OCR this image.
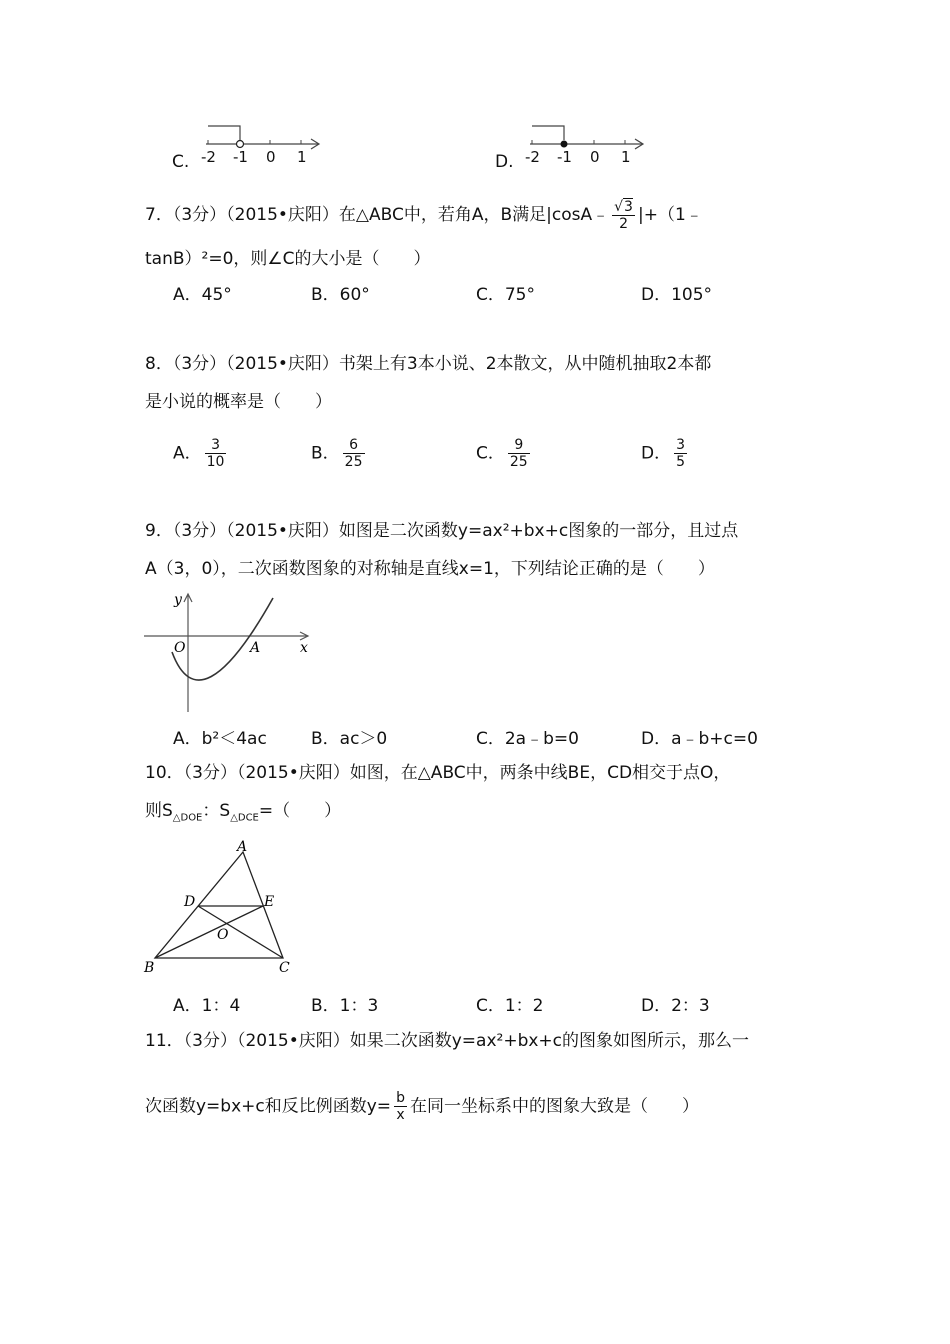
C. -2 -1 0 1	D. -2 -1 0 1
7．（3分）（2015•庆阳）在△ABC中，若角A，B满足|cosA﹣ $\frac{√3}{2}$ |+（1﹣
tanB）²=0，则∠C的大小是（　　）
A．45°	B．60°	C．75°	D．105°
8．（3分）（2015•庆阳）书架上有3本小说、2本散文，从中随机抽取2本都
是小说的概率是（　　）
A． $\frac{3}{10}$	B． $\frac{6}{25}$	C． $\frac{9}{25}$	D． $\frac{3}{5}$
9．（3分）（2015•庆阳）如图是二次函数y=ax²+bx+c图象的一部分，且过点
A（3，0），二次函数图象的对称轴是直线x=1，下列结论正确的是（　　）
y
x
O	A
A．b²＜4ac	B．ac＞0	C．2a﹣b=0	D．a﹣b+c=0
10．（3分）（2015•庆阳）如图，在△ABC中，两条中线BE，CD相交于点O，
则$S_{\triangle DOE}$：$S_{\triangle DCE}=$（　　）
A
B	C
D	E
O
A．1：4	B．1：3	C．1：2	D．2：3
11．（3分）（2015•庆阳）如果二次函数y=ax²+bx+c的图象如图所示，那么一
次函数y=bx+c和反比例函数$y= \frac{b}{x}$ 在同一坐标系中的图象大致是（　　）
